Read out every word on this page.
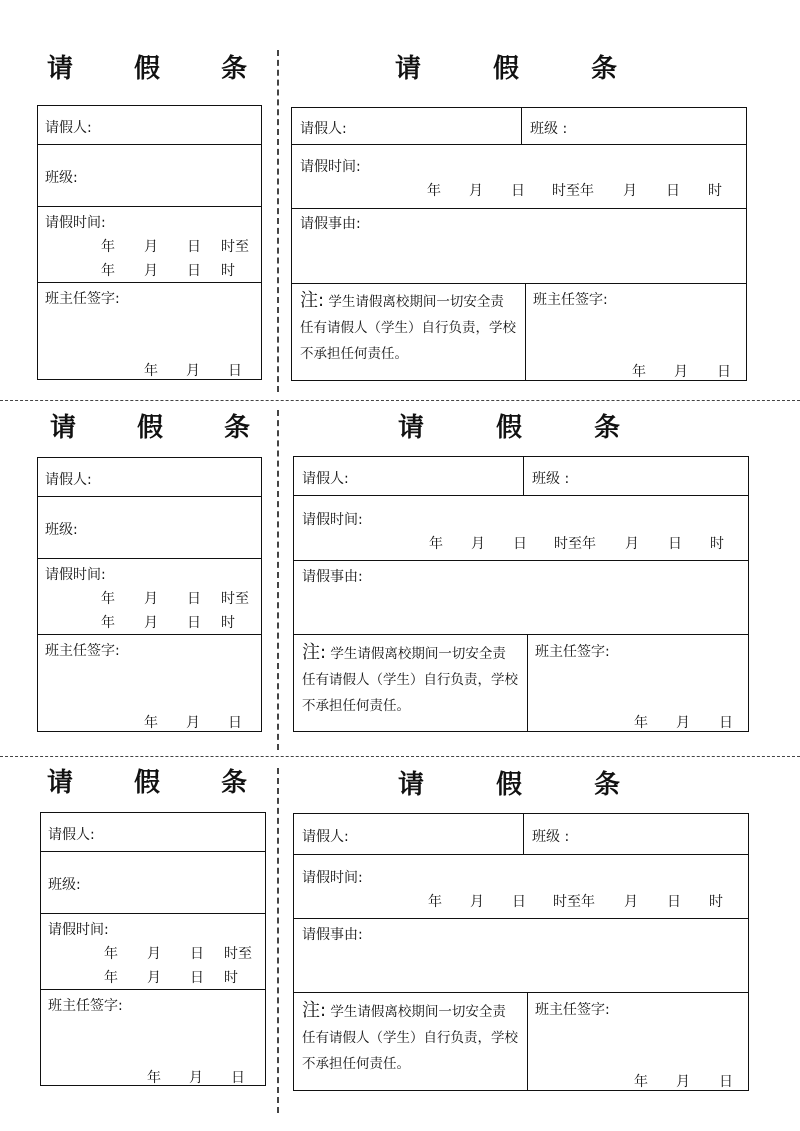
请 假 条
请假人:
班级:
请假时间:
年 月 日 时至
年 月 日 时
班主任签字:
年 月 日
请	假	条
请假人:	班级 :
请假时间:
年 月 日 时至年 月 日 时
请假事由:
注: 学生请假离校期间一切安全责
任有请假人（学生）自行负责，学校
不承担任何责任。
班主任签字:
年 月 日
请 假 条
请假人:
班级:
请假时间:
年 月 日 时至
年 月 日 时
班主任签字:
年 月 日
请	假	条
请假人:	班级 :
请假时间:
年 月 日 时至年 月 日 时
请假事由:
注: 学生请假离校期间一切安全责
任有请假人（学生）自行负责，学校
不承担任何责任。
班主任签字:
年 月 日
请 假 条
请假人:
班级:
请假时间:
年 月 日 时至
年 月 日 时
班主任签字:
年 月 日
请	假	条
请假人:	班级 :
请假时间:
年 月 日 时至年 月 日 时
请假事由:
注: 学生请假离校期间一切安全责
任有请假人（学生）自行负责，学校
不承担任何责任。
班主任签字:
年 月 日
